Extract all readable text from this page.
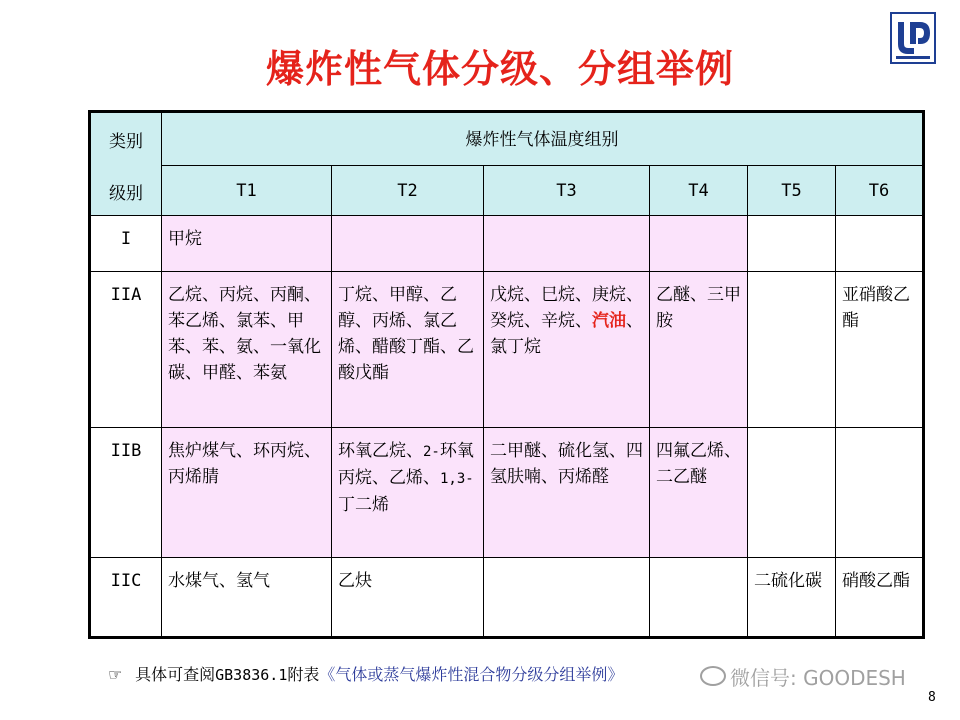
爆炸性气体分级、分组举例
类别
级别	爆炸性气体温度组别					
	T1	T2	T3	T4	T5	T6
I	甲烷					
IIA	乙烷、丙烷、丙酮、苯乙烯、氯苯、甲苯、苯、氨、一氧化碳、甲醛、苯氨	丁烷、甲醇、乙醇、丙烯、氯乙烯、醋酸丁酯、乙酸戊酯	戊烷、巳烷、庚烷、癸烷、辛烷、汽油、氯丁烷	乙醚、三甲胺		亚硝酸乙酯
IIB	焦炉煤气、环丙烷、丙烯腈	环氧乙烷、2-环氧丙烷、乙烯、1,3-丁二烯	二甲醚、硫化氢、四氢肤喃、丙烯醛	四氟乙烯、二乙醚		
IIC	水煤气、氢气	乙炔			二硫化碳	硝酸乙酯
☞ 具体可查阅GB3836.1附表《气体或蒸气爆炸性混合物分级分组举例》	微信号: GOODESH
8
